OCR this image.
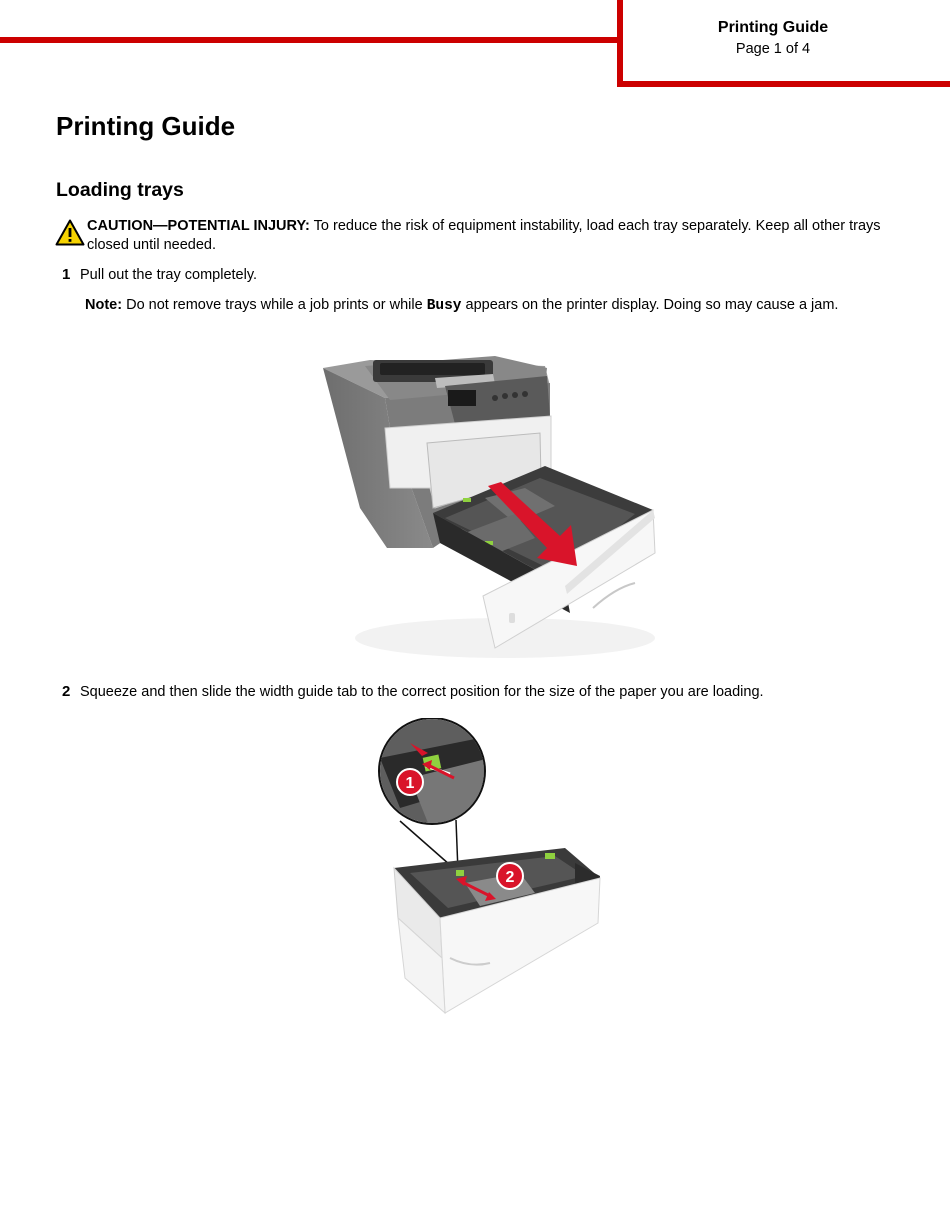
Printing Guide
Page 1 of 4
Printing Guide
Loading trays
CAUTION—POTENTIAL INJURY: To reduce the risk of equipment instability, load each tray separately. Keep all other trays closed until needed.
1 Pull out the tray completely.
Note: Do not remove trays while a job prints or while Busy appears on the printer display. Doing so may cause a jam.
2 Squeeze and then slide the width guide tab to the correct position for the size of the paper you are loading.
1
2
